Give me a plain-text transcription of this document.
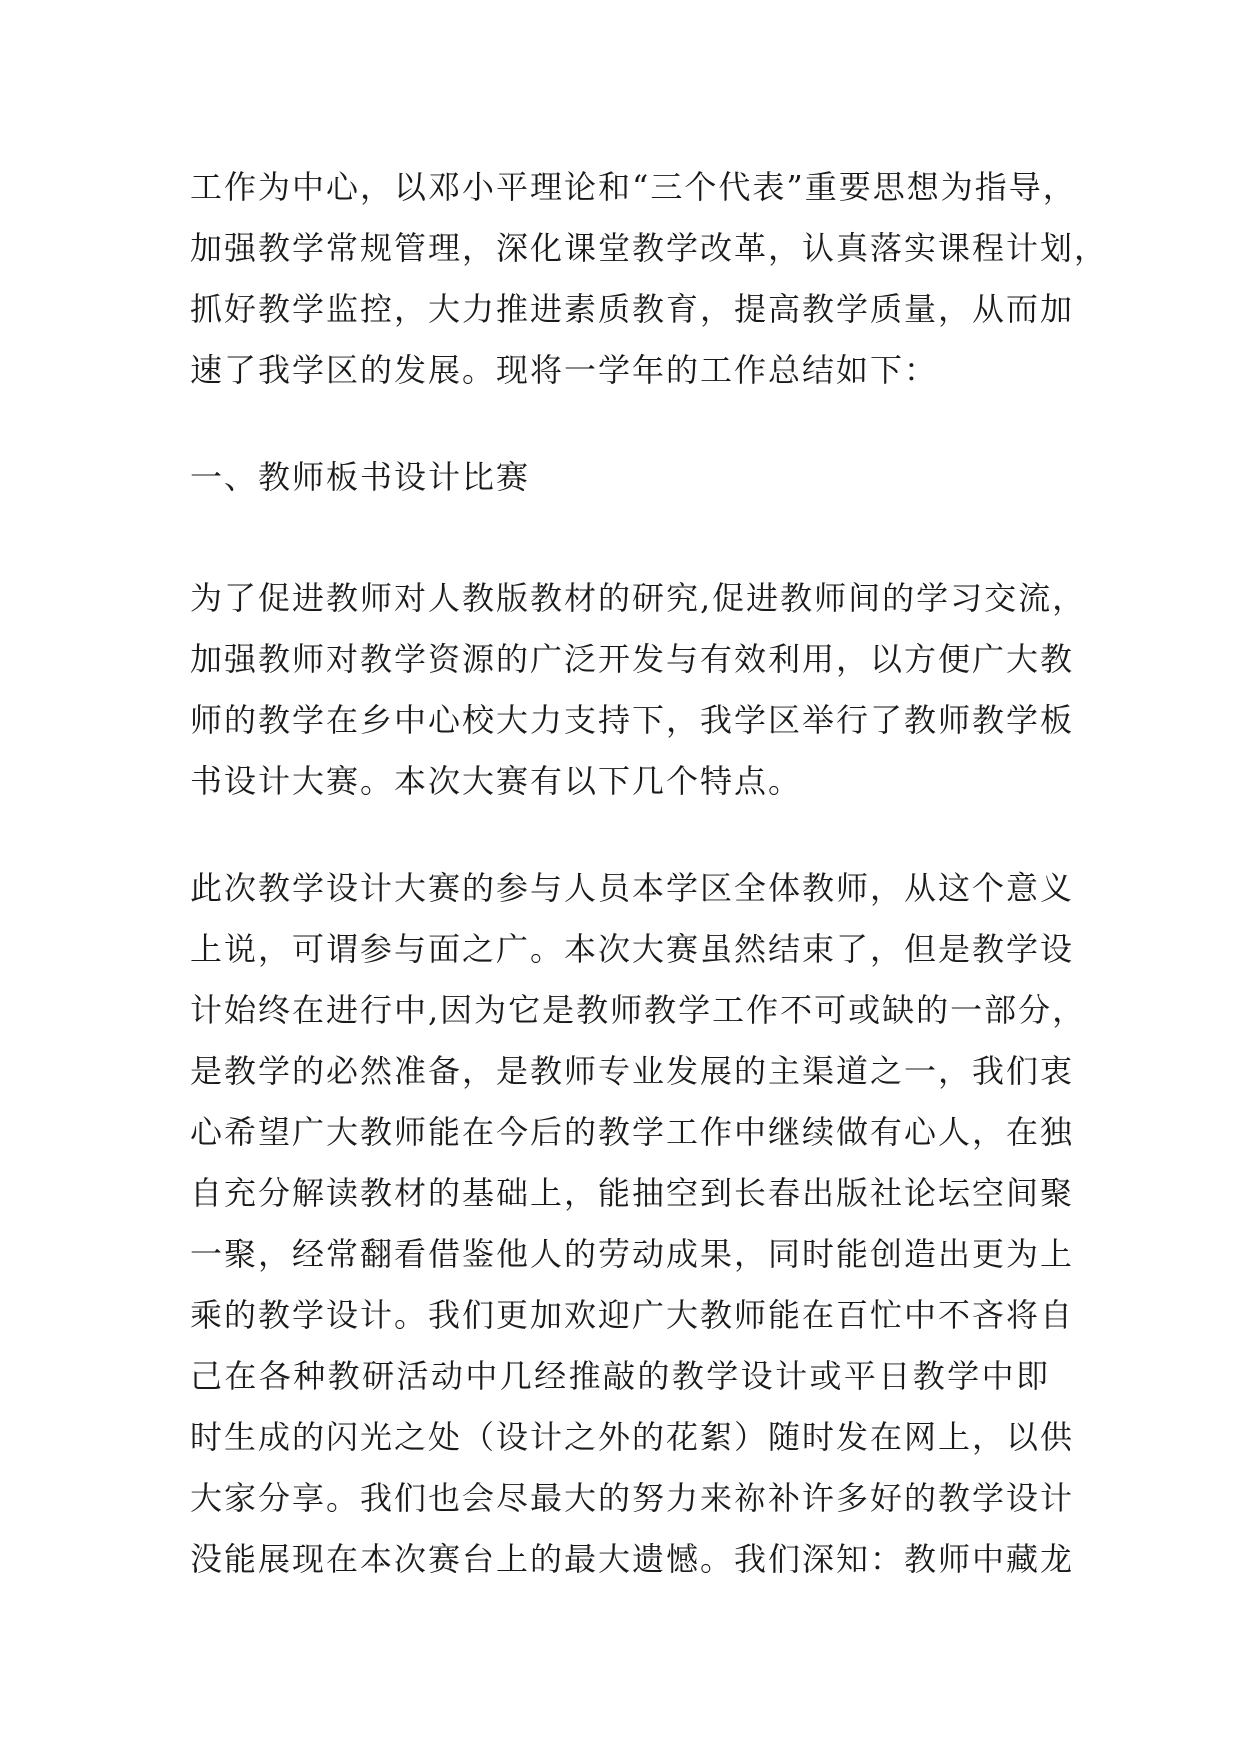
工作为中心，以邓小平理论和“三个代表”重要思想为指导，
加强教学常规管理，深化课堂教学改革，认真落实课程计划，
抓好教学监控，大力推进素质教育，提高教学质量，从而加
速了我学区的发展。现将一学年的工作总结如下：
一、教师板书设计比赛
为了促进教师对人教版教材的研究,促进教师间的学习交流，
加强教师对教学资源的广泛开发与有效利用，以方便广大教
师的教学在乡中心校大力支持下，我学区举行了教师教学板
书设计大赛。本次大赛有以下几个特点。
此次教学设计大赛的参与人员本学区全体教师，从这个意义
上说，可谓参与面之广。本次大赛虽然结束了，但是教学设
计始终在进行中,因为它是教师教学工作不可或缺的一部分，
是教学的必然准备，是教师专业发展的主渠道之一，我们衷
心希望广大教师能在今后的教学工作中继续做有心人，在独
自充分解读教材的基础上，能抽空到长春出版社论坛空间聚
一聚，经常翻看借鉴他人的劳动成果，同时能创造出更为上
乘的教学设计。我们更加欢迎广大教师能在百忙中不吝将自
己在各种教研活动中几经推敲的教学设计或平日教学中即
时生成的闪光之处（设计之外的花絮）随时发在网上，以供
大家分享。我们也会尽最大的努力来祢补许多好的教学设计
没能展现在本次赛台上的最大遗憾。我们深知：教师中藏龙
